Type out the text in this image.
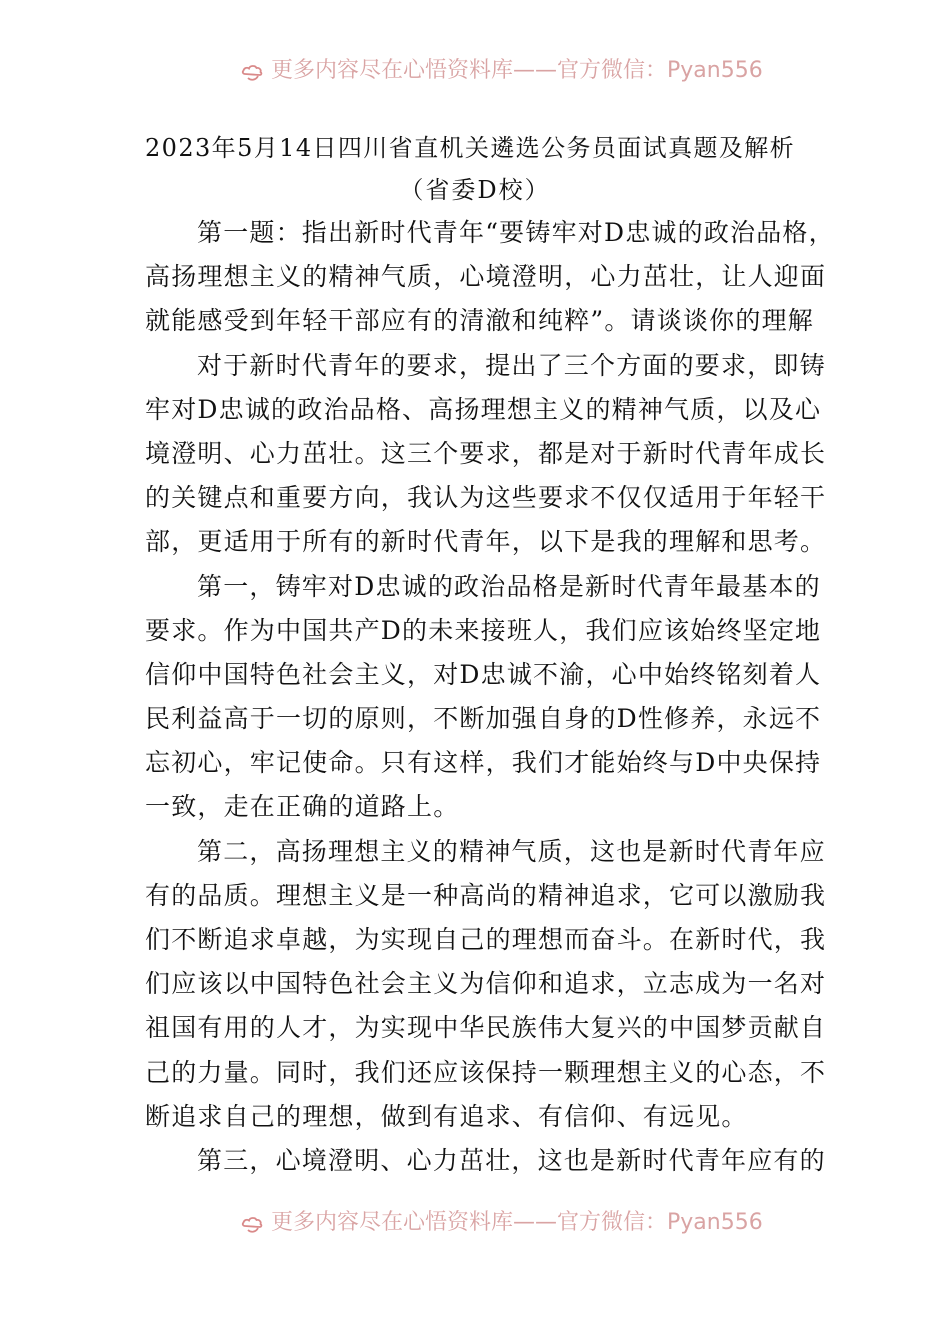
更多内容尽在心悟资料库——官方微信：Pyan556
2023年5月14日四川省直机关遴选公务员面试真题及解析
（省委D校）

第一题：指出新时代青年“要铸牢对D忠诚的政治品格，
高扬理想主义的精神气质，心境澄明，心力茁壮，让人迎面
就能感受到年轻干部应有的清澈和纯粹”。请谈谈你的理解

对于新时代青年的要求，提出了三个方面的要求，即铸
牢对D忠诚的政治品格、高扬理想主义的精神气质，以及心
境澄明、心力茁壮。这三个要求，都是对于新时代青年成长
的关键点和重要方向，我认为这些要求不仅仅适用于年轻干
部，更适用于所有的新时代青年，以下是我的理解和思考。

第一，铸牢对D忠诚的政治品格是新时代青年最基本的
要求。作为中国共产D的未来接班人，我们应该始终坚定地
信仰中国特色社会主义，对D忠诚不渝，心中始终铭刻着人
民利益高于一切的原则，不断加强自身的D性修养，永远不
忘初心，牢记使命。只有这样，我们才能始终与D中央保持
一致，走在正确的道路上。

第二，高扬理想主义的精神气质，这也是新时代青年应
有的品质。理想主义是一种高尚的精神追求，它可以激励我
们不断追求卓越，为实现自己的理想而奋斗。在新时代，我
们应该以中国特色社会主义为信仰和追求，立志成为一名对
祖国有用的人才，为实现中华民族伟大复兴的中国梦贡献自
己的力量。同时，我们还应该保持一颗理想主义的心态，不
断追求自己的理想，做到有追求、有信仰、有远见。

第三，心境澄明、心力茁壮，这也是新时代青年应有的

更多内容尽在心悟资料库——官方微信：Pyan556
